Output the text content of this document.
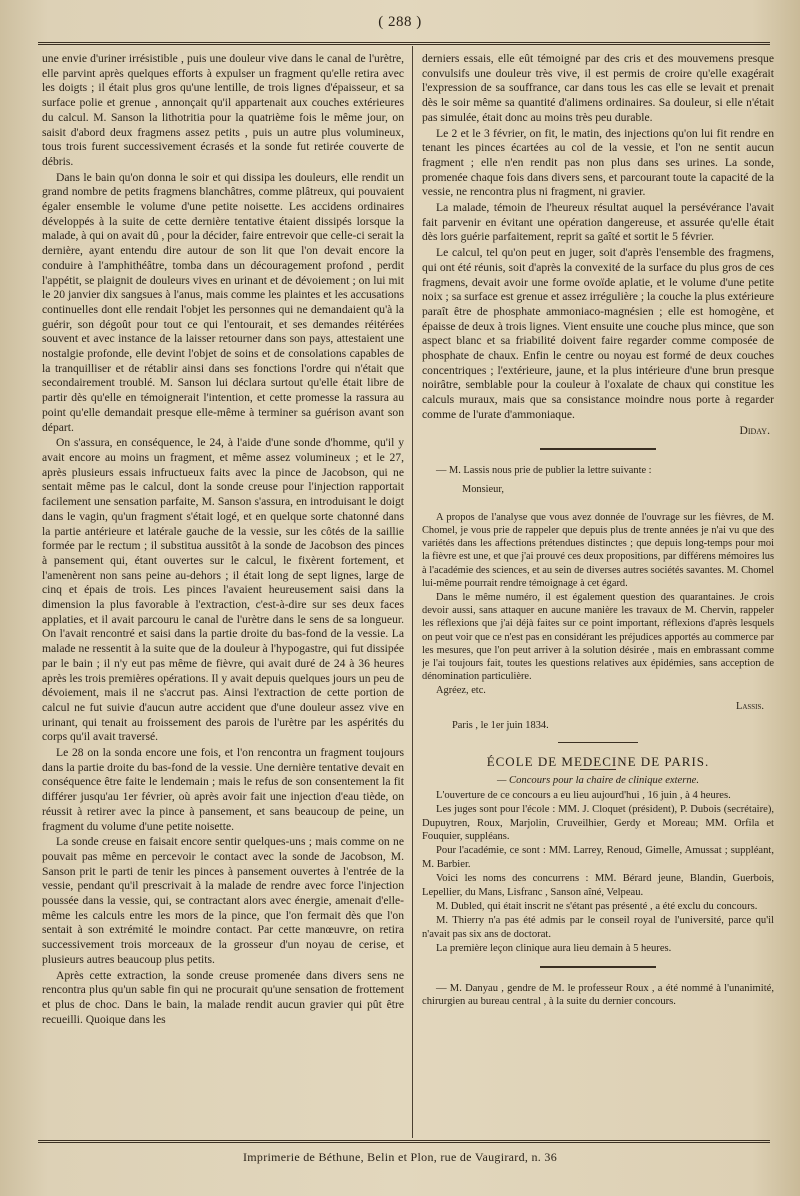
( 288 )

une envie d'uriner irrésistible , puis une douleur vive dans le canal de l'urètre, elle parvint après quelques efforts à expulser un fragment qu'elle retira avec les doigts ; il était plus gros qu'une lentille, de trois lignes d'épaisseur, et sa surface polie et grenue , annonçait qu'il appartenait aux couches extérieures du calcul. M. Sanson la lithotritia pour la quatrième fois le même jour, on saisit d'abord deux fragmens assez petits , puis un autre plus volumineux, tous trois furent successivement écrasés et la sonde fut retirée couverte de débris.

Dans le bain qu'on donna le soir et qui dissipa les douleurs, elle rendit un grand nombre de petits fragmens blanchâtres, comme plâtreux, qui pouvaient égaler ensemble le volume d'une petite noisette. Les accidens ordinaires développés à la suite de cette dernière tentative étaient dissipés lorsque la malade, à qui on avait dû , pour la décider, faire entrevoir que celle-ci serait la dernière, ayant entendu dire autour de son lit que l'on devait encore la conduire à l'amphithéâtre, tomba dans un découragement profond , perdit l'appétit, se plaignit de douleurs vives en urinant et de dévoiement ; on lui mit le 20 janvier dix sangsues à l'anus, mais comme les plaintes et les accusations continuelles dont elle rendait l'objet les personnes qui ne demandaient qu'à la guérir, son dégoût pour tout ce qui l'entourait, et ses demandes réitérées souvent et avec instance de la laisser retourner dans son pays, attestaient une nostalgie profonde, elle devint l'objet de soins et de consolations capables de la tranquilliser et de rétablir ainsi dans ses fonctions l'ordre qui n'était que secondairement troublé. M. Sanson lui déclara surtout qu'elle était libre de partir dès qu'elle en témoignerait l'intention, et cette promesse la rassura au point qu'elle demandait presque elle-même à terminer sa guérison avant son départ.

On s'assura, en conséquence, le 24, à l'aide d'une sonde d'homme, qu'il y avait encore au moins un fragment, et même assez volumineux ; et le 27, après plusieurs essais infructueux faits avec la pince de Jacobson, qui ne sentait même pas le calcul, dont la sonde creuse pour l'injection rapportait facilement une sensation parfaite, M. Sanson s'assura, en introduisant le doigt dans le vagin, qu'un fragment s'était logé, et en quelque sorte chatonné dans la partie antérieure et latérale gauche de la vessie, sur les côtés de la saillie formée par le rectum ; il substitua aussitôt à la sonde de Jacobson des pinces à pansement qui, étant ouvertes sur le calcul, le fixèrent fortement, et l'amenèrent non sans peine au-dehors ; il était long de sept lignes, large de cinq et épais de trois. Les pinces l'avaient heureusement saisi dans la dimension la plus favorable à l'extraction, c'est-à-dire sur ses deux faces applaties, et il avait parcouru le canal de l'urètre dans le sens de sa longueur. On l'avait rencontré et saisi dans la partie droite du bas-fond de la vessie. La malade ne ressentit à la suite que de la douleur à l'hypogastre, qui fut dissipée par le bain ; il n'y eut pas même de fièvre, qui avait duré de 24 à 36 heures après les trois premières opérations. Il y avait depuis quelques jours un peu de dévoiement, mais il ne s'accrut pas. Ainsi l'extraction de cette portion de calcul ne fut suivie d'aucun autre accident que d'une douleur assez vive en urinant, qui tenait au froissement des parois de l'urètre par les aspérités du corps qu'il avait traversé.

Le 28 on la sonda encore une fois, et l'on rencontra un fragment toujours dans la partie droite du bas-fond de la vessie. Une dernière tentative devait en conséquence être faite le lendemain ; mais le refus de son consentement la fit différer jusqu'au 1er février, où après avoir fait une injection d'eau tiède, on réussit à retirer avec la pince à pansement, et sans beaucoup de peine, un fragment du volume d'une petite noisette.

La sonde creuse en faisait encore sentir quelques-uns ; mais comme on ne pouvait pas même en percevoir le contact avec la sonde de Jacobson, M. Sanson prit le parti de tenir les pinces à pansement ouvertes à l'entrée de la vessie, pendant qu'il prescrivait à la malade de rendre avec force l'injection poussée dans la vessie, qui, se contractant alors avec énergie, amenait d'elle-même les calculs entre les mors de la pince, que l'on fermait dès que l'on sentait à son extrémité le moindre contact. Par cette manœuvre, on retira successivement trois morceaux de la grosseur d'un noyau de cerise, et plusieurs autres beaucoup plus petits.

Après cette extraction, la sonde creuse promenée dans divers sens ne rencontra plus qu'un sable fin qui ne procurait qu'une sensation de frottement et plus de choc. Dans le bain, la malade rendit aucun gravier qui pût être recueilli. Quoique dans les

derniers essais, elle eût témoigné par des cris et des mouvemens presque convulsifs une douleur très vive, il est permis de croire qu'elle exagérait l'expression de sa souffrance, car dans tous les cas elle se levait et prenait dès le soir même sa quantité d'alimens ordinaires. Sa douleur, si elle n'était pas simulée, était donc au moins très peu durable.

Le 2 et le 3 février, on fit, le matin, des injections qu'on lui fit rendre en tenant les pinces écartées au col de la vessie, et l'on ne sentit aucun fragment ; elle n'en rendit pas non plus dans ses urines. La sonde, promenée chaque fois dans divers sens, et parcourant toute la capacité de la vessie, ne rencontra plus ni fragment, ni gravier.

La malade, témoin de l'heureux résultat auquel la persévérance l'avait fait parvenir en évitant une opération dangereuse, et assurée qu'elle était dès lors guérie parfaitement, reprit sa gaîté et sortit le 5 février.

Le calcul, tel qu'on peut en juger, soit d'après l'ensemble des fragmens, qui ont été réunis, soit d'après la convexité de la surface du plus gros de ces fragmens, devait avoir une forme ovoïde aplatie, et le volume d'une petite noix ; sa surface est grenue et assez irrégulière ; la couche la plus extérieure paraît être de phosphate ammoniaco-magnésien ; elle est homogène, et épaisse de deux à trois lignes. Vient ensuite une couche plus mince, que son aspect blanc et sa friabilité doivent faire regarder comme composée de phosphate de chaux. Enfin le centre ou noyau est formé de deux couches concentriques ; l'extérieure, jaune, et la plus intérieure d'une brun presque noirâtre, semblable pour la couleur à l'oxalate de chaux qui constitue les calculs muraux, mais que sa consistance moindre nous porte à regarder comme de l'urate d'ammoniaque.

Diday.

— M. Lassis nous prie de publier la lettre suivante :

Monsieur,

A propos de l'analyse que vous avez donnée de l'ouvrage sur les fièvres, de M. Chomel, je vous prie de rappeler que depuis plus de trente années je n'ai vu que des variétés dans les affections prétendues distinctes ; que depuis long-temps pour moi la fièvre est une, et que j'ai prouvé ces deux propositions, par différens mémoires lus à l'académie des sciences, et au sein de diverses autres sociétés savantes. M. Chomel lui-même pourrait rendre témoignage à cet égard.

Dans le même numéro, il est également question des quarantaines. Je crois devoir aussi, sans attaquer en aucune manière les travaux de M. Chervin, rappeler les réflexions que j'ai déjà faites sur ce point important, réflexions d'après lesquels on peut voir que ce n'est pas en considérant les préjudices apportés au commerce par les mesures, que l'on peut arriver à la solution désirée , mais en embrassant comme je l'ai toujours fait, toutes les questions relatives aux épidémies, sans acception de dénomination particulière.

Agréez, etc.

Lassis.

Paris , le 1er juin 1834.

ÉCOLE DE MEDECINE DE PARIS.

— Concours pour la chaire de clinique externe.

L'ouverture de ce concours a eu lieu aujourd'hui , 16 juin , à 4 heures.

Les juges sont pour l'école : MM. J. Cloquet (président), P. Dubois (secrétaire), Dupuytren, Roux, Marjolin, Cruveilhier, Gerdy et Moreau; MM. Orfila et Fouquier, suppléans.

Pour l'académie, ce sont : MM. Larrey, Renoud, Gimelle, Amussat ; suppléant, M. Barbier.

Voici les noms des concurrens : MM. Bérard jeune, Blandin, Guerbois, Lepellier, du Mans, Lisfranc , Sanson aîné, Velpeau.

M. Dubled, qui était inscrit ne s'étant pas présenté , a été exclu du concours.

M. Thierry n'a pas été admis par le conseil royal de l'université, parce qu'il n'avait pas six ans de doctorat.

La première leçon clinique aura lieu demain à 5 heures.

— M. Danyau , gendre de M. le professeur Roux , a été nommé à l'unanimité, chirurgien au bureau central , à la suite du dernier concours.

Imprimerie de Béthune, Belin et Plon, rue de Vaugirard, n. 36
